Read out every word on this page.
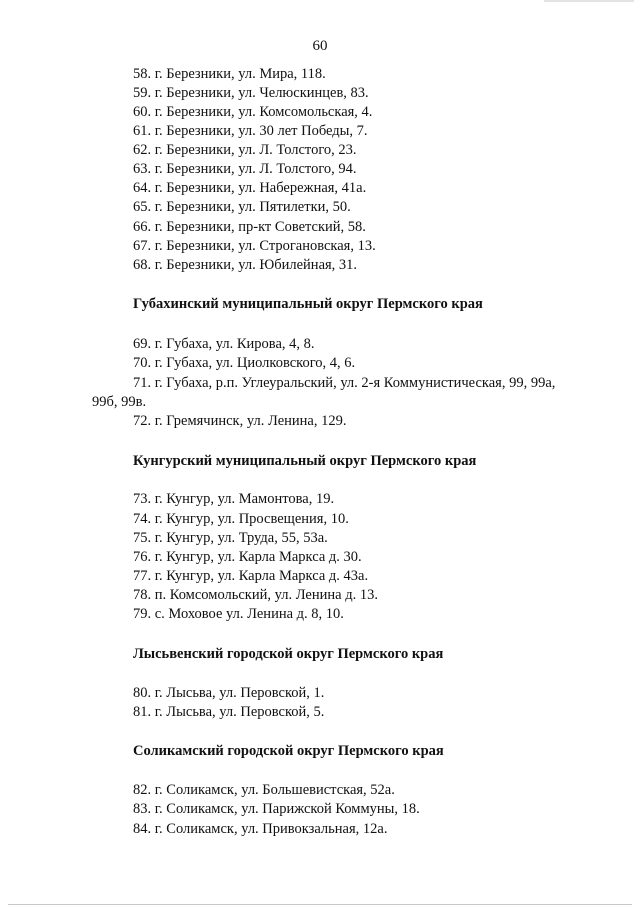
60
58. г. Березники, ул. Мира, 118.
59. г. Березники, ул. Челюскинцев, 83.
60. г. Березники, ул. Комсомольская, 4.
61. г. Березники, ул. 30 лет Победы, 7.
62. г. Березники, ул. Л. Толстого, 23.
63. г. Березники, ул. Л. Толстого, 94.
64. г. Березники, ул. Набережная, 41а.
65. г. Березники, ул. Пятилетки, 50.
66. г. Березники, пр-кт Советский, 58.
67. г. Березники, ул. Строгановская, 13.
68. г. Березники, ул. Юбилейная, 31.
Губахинский муниципальный округ Пермского края
69. г. Губаха, ул. Кирова, 4, 8.
70. г. Губаха, ул. Циолковского, 4, 6.
71. г. Губаха, р.п. Углеуральский, ул. 2-я Коммунистическая, 99, 99а,
99б, 99в.
72. г. Гремячинск, ул. Ленина, 129.
Кунгурский муниципальный округ Пермского края
73. г. Кунгур, ул. Мамонтова, 19.
74. г. Кунгур, ул. Просвещения, 10.
75. г. Кунгур, ул. Труда, 55, 53а.
76. г. Кунгур, ул. Карла Маркса д. 30.
77. г. Кунгур, ул. Карла Маркса д. 43а.
78. п. Комсомольский, ул. Ленина д. 13.
79. с. Моховое ул. Ленина д. 8, 10.
Лысьвенский городской округ Пермского края
80. г. Лысьва, ул. Перовской, 1.
81. г. Лысьва, ул. Перовской, 5.
Соликамский городской округ Пермского края
82. г. Соликамск, ул. Большевистская, 52а.
83. г. Соликамск, ул. Парижской Коммуны, 18.
84. г. Соликамск, ул. Привокзальная, 12а.
